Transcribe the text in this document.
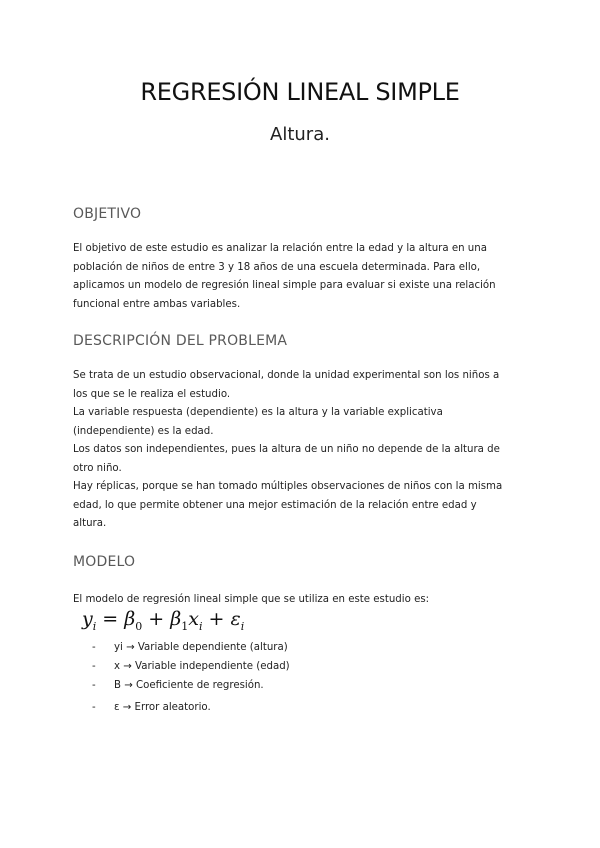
REGRESIÓN LINEAL SIMPLE
Altura.
OBJETIVO

El objetivo de este estudio es analizar la relación entre la edad y la altura en una

población de niños de entre 3 y 18 años de una escuela determinada. Para ello,

aplicamos un modelo de regresión lineal simple para evaluar si existe una relación

funcional entre ambas variables.

DESCRIPCIÓN DEL PROBLEMA

Se trata de un estudio observacional, donde la unidad experimental son los niños a

los que se le realiza el estudio.

La variable respuesta (dependiente) es la altura y la variable explicativa

(independiente) es la edad.

Los datos son independientes, pues la altura de un niño no depende de la altura de

otro niño.

Hay réplicas, porque se han tomado múltiples observaciones de niños con la misma

edad, lo que permite obtener una mejor estimación de la relación entre edad y

altura.

MODELO

El modelo de regresión lineal simple que se utiliza en este estudio es:

$y_i = \beta_0 + \beta_1x_i + \varepsilon_i$
- yi → Variable dependiente (altura)
- x → Variable independiente (edad)
- B → Coeficiente de regresión.
- ε → Error aleatorio.
